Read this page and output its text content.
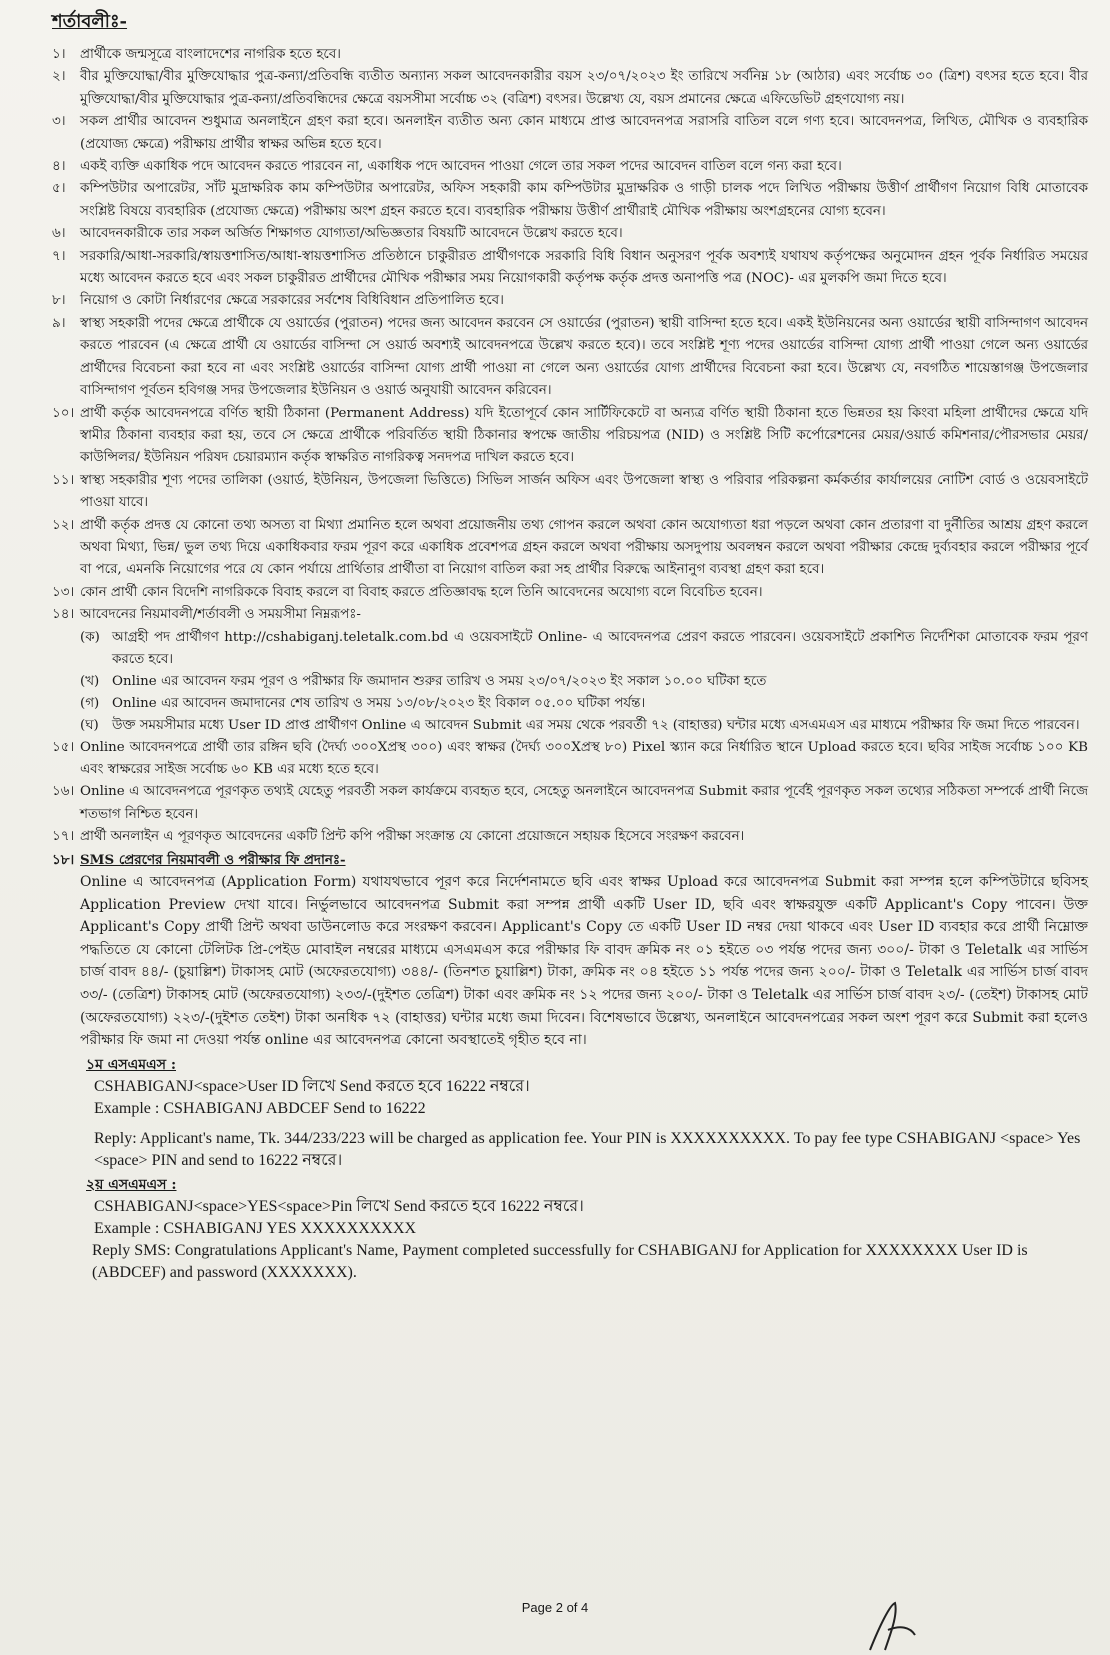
শর্তাবলীঃ-
১।	প্রার্থীকে জন্মসূত্রে বাংলাদেশের নাগরিক হতে হবে।
২।	বীর মুক্তিযোদ্ধা/বীর মুক্তিযোদ্ধার পুত্র-কন্যা/প্রতিবন্ধি ব্যতীত অন্যান্য সকল আবেদনকারীর বয়স ২৩/০৭/২০২৩ ইং তারিখে সর্বনিম্ন ১৮ (আঠার) এবং সর্বোচ্চ ৩০ (ত্রিশ) বৎসর হতে হবে। বীর মুক্তিযোদ্ধা/বীর মুক্তিযোদ্ধার পুত্র-কন্যা/প্রতিবন্ধিদের ক্ষেত্রে বয়সসীমা সর্বোচ্চ ৩২ (বত্রিশ) বৎসর। উল্লেখ্য যে, বয়স প্রমানের ক্ষেত্রে এফিডেভিট গ্রহণযোগ্য নয়।
৩।	সকল প্রার্থীর আবেদন শুধুমাত্র অনলাইনে গ্রহণ করা হবে। অনলাইন ব্যতীত অন্য কোন মাধ্যমে প্রাপ্ত আবেদনপত্র সরাসরি বাতিল বলে গণ্য হবে। আবেদনপত্র, লিখিত, মৌখিক ও ব্যবহারিক (প্রযোজ্য ক্ষেত্রে) পরীক্ষায় প্রার্থীর স্বাক্ষর অভিন্ন হতে হবে।
৪।	একই ব্যক্তি একাধিক পদে আবেদন করতে পারবেন না, একাধিক পদে আবেদন পাওয়া গেলে তার সকল পদের আবেদন বাতিল বলে গন্য করা হবে।
৫।	কম্পিউটার অপারেটর, সাঁট মুদ্রাক্ষরিক কাম কম্পিউটার অপারেটর, অফিস সহকারী কাম কম্পিউটার মুদ্রাক্ষরিক ও গাড়ী চালক পদে লিখিত পরীক্ষায় উত্তীর্ণ প্রার্থীগণ নিয়োগ বিধি মোতাবেক সংশ্লিষ্ট বিষয়ে ব্যবহারিক (প্রযোজ্য ক্ষেত্রে) পরীক্ষায় অংশ গ্রহন করতে হবে। ব্যবহারিক পরীক্ষায় উত্তীর্ণ প্রার্থীরাই মৌখিক পরীক্ষায় অংশগ্রহনের যোগ্য হবেন।
৬।	আবেদনকারীকে তার সকল অর্জিত শিক্ষাগত যোগ্যতা/অভিজ্ঞতার বিষয়টি আবেদনে উল্লেখ করতে হবে।
৭।	সরকারি/আধা-সরকারি/স্বায়ত্তশাসিত/আধা-স্বায়ত্তশাসিত প্রতিষ্ঠানে চাকুরীরত প্রার্থীগণকে সরকারি বিধি বিধান অনুসরণ পূর্বক অবশ্যই যথাযথ কর্তৃপক্ষের অনুমোদন গ্রহন পূর্বক নির্ধারিত সময়ের মধ্যে আবেদন করতে হবে এবং সকল চাকুরীরত প্রার্থীদের মৌখিক পরীক্ষার সময় নিয়োগকারী কর্তৃপক্ষ কর্তৃক প্রদত্ত অনাপত্তি পত্র (NOC)- এর মুলকপি জমা দিতে হবে।
৮।	নিয়োগ ও কোটা নির্ধারণের ক্ষেত্রে সরকারের সর্বশেষ বিধিবিধান প্রতিপালিত হবে।
৯।	স্বাস্থ্য সহকারী পদের ক্ষেত্রে প্রার্থীকে যে ওয়ার্ডের (পুরাতন) পদের জন্য আবেদন করবেন সে ওয়ার্ডের (পুরাতন) স্থায়ী বাসিন্দা হতে হবে। একই ইউনিয়নের অন্য ওয়ার্ডের স্থায়ী বাসিন্দাগণ আবেদন করতে পারবেন (এ ক্ষেত্রে প্রার্থী যে ওয়ার্ডের বাসিন্দা সে ওয়ার্ড অবশ্যই আবেদনপত্রে উল্লেখ করতে হবে)। তবে সংশ্লিষ্ট শূণ্য পদের ওয়ার্ডের বাসিন্দা যোগ্য প্রার্থী পাওয়া গেলে অন্য ওয়ার্ডের প্রার্থীদের বিবেচনা করা হবে না এবং সংশ্লিষ্ট ওয়ার্ডের বাসিন্দা যোগ্য প্রার্থী পাওয়া না গেলে অন্য ওয়ার্ডের যোগ্য প্রার্থীদের বিবেচনা করা হবে। উল্লেখ্য যে, নবগঠিত শায়েস্তাগঞ্জ উপজেলার বাসিন্দাগণ পূর্বতন হবিগঞ্জ সদর উপজেলার ইউনিয়ন ও ওয়ার্ড অনুযায়ী আবেদন করিবেন।
১০। প্রার্থী কর্তৃক আবেদনপত্রে বর্ণিত স্থায়ী ঠিকানা (Permanent Address) যদি ইতোপূর্বে কোন সার্টিফিকেটে বা অন্যত্র বর্ণিত স্থায়ী ঠিকানা হতে ভিন্নতর হয় কিংবা মহিলা প্রার্থীদের ক্ষেত্রে যদি স্বামীর ঠিকানা ব্যবহার করা হয়, তবে সে ক্ষেত্রে প্রার্থীকে পরিবর্তিত স্থায়ী ঠিকানার স্বপক্ষে জাতীয় পরিচয়পত্র (NID) ও সংশ্লিষ্ট সিটি কর্পোরেশনের মেয়র/ওয়ার্ড কমিশনার/পৌরসভার মেয়র/কাউন্সিলর/ ইউনিয়ন পরিষদ চেয়ারম্যান কর্তৃক স্বাক্ষরিত নাগরিকত্ব সনদপত্র দাখিল করতে হবে।
১১। স্বাস্থ্য সহকারীর শূণ্য পদের তালিকা (ওয়ার্ড, ইউনিয়ন, উপজেলা ভিত্তিতে) সিভিল সার্জন অফিস এবং উপজেলা স্বাস্থ্য ও পরিবার পরিকল্পনা কর্মকর্তার কার্যালয়ের নোটিশ বোর্ড ও ওয়েবসাইটে পাওয়া যাবে।
১২। প্রার্থী কর্তৃক প্রদত্ত যে কোনো তথ্য অসত্য বা মিথ্যা প্রমানিত হলে অথবা প্রয়োজনীয় তথ্য গোপন করলে অথবা কোন অযোগ্যতা ধরা পড়লে অথবা কোন প্রতারণা বা দুর্নীতির আশ্রয় গ্রহণ করলে অথবা মিথ্যা, ভিন্ন/ ভুল তথ্য দিয়ে একাধিকবার ফরম পূরণ করে একাধিক প্রবেশপত্র গ্রহন করলে অথবা পরীক্ষায় অসদুপায় অবলম্বন করলে অথবা পরীক্ষার কেন্দ্রে দুর্ব্যবহার করলে পরীক্ষার পূর্বে বা পরে, এমনকি নিয়োগের পরে যে কোন পর্যায়ে প্রার্থিতার প্রার্থীতা বা নিয়োগ বাতিল করা সহ প্রার্থীর বিরুদ্ধে আইনানুগ ব্যবস্থা গ্রহণ করা হবে।
১৩। কোন প্রার্থী কোন বিদেশি নাগরিককে বিবাহ করলে বা বিবাহ করতে প্রতিজ্ঞাবদ্ধ হলে তিনি আবেদনের অযোগ্য বলে বিবেচিত হবেন।
১৪। আবেদনের নিয়মাবলী/শর্তাবলী ও সময়সীমা নিম্নরূপঃ-
(ক) আগ্রহী পদ প্রার্থীগণ http://cshabiganj.teletalk.com.bd এ ওয়েবসাইটে Online- এ আবেদনপত্র প্রেরণ করতে পারবেন। ওয়েবসাইটে প্রকাশিত নির্দেশিকা মোতাবেক ফরম পূরণ করতে হবে।
(খ) Online এর আবেদন ফরম পূরণ ও পরীক্ষার ফি জমাদান শুরুর তারিখ ও সময় ২৩/০৭/২০২৩ ইং সকাল ১০.০০ ঘটিকা হতে
(গ) Online এর আবেদন জমাদানের শেষ তারিখ ও সময় ১৩/০৮/২০২৩ ইং বিকাল ০৫.০০ ঘটিকা পর্যন্ত।
(ঘ) উক্ত সময়সীমার মধ্যে User ID প্রাপ্ত প্রার্থীগণ Online এ আবেদন Submit এর সময় থেকে পরবর্তী ৭২ (বাহাত্তর) ঘন্টার মধ্যে এসএমএস এর মাধ্যমে পরীক্ষার ফি জমা দিতে পারবেন।
১৫। Online আবেদনপত্রে প্রার্থী তার রঙ্গিন ছবি (দৈর্ঘ্য ৩০০Xপ্রস্থ ৩০০) এবং স্বাক্ষর (দৈর্ঘ্য ৩০০Xপ্রস্থ ৮০) Pixel স্ক্যান করে নির্ধারিত স্থানে Upload করতে হবে। ছবির সাইজ সর্বোচ্চ ১০০ KB এবং স্বাক্ষরের সাইজ সর্বোচ্চ ৬০ KB এর মধ্যে হতে হবে।
১৬। Online এ আবেদনপত্রে পূরণকৃত তথ্যই যেহেতু পরবর্তী সকল কার্যক্রমে ব্যবহৃত হবে, সেহেতু অনলাইনে আবেদনপত্র Submit করার পূর্বেই পূরণকৃত সকল তথ্যের সঠিকতা সম্পর্কে প্রার্থী নিজে শতভাগ নিশ্চিত হবেন।
১৭। প্রার্থী অনলাইন এ পূরণকৃত আবেদনের একটি প্রিন্ট কপি পরীক্ষা সংক্রান্ত যে কোনো প্রয়োজনে সহায়ক হিসেবে সংরক্ষণ করবেন।
১৮। SMS প্রেরণের নিয়মাবলী ও পরীক্ষার ফি প্রদানঃ-
Online এ আবেদনপত্র (Application Form) যথাযথভাবে পূরণ করে নির্দেশনামতে ছবি এবং স্বাক্ষর Upload করে আবেদনপত্র Submit করা সম্পন্ন হলে কম্পিউটারে ছবিসহ Application Preview দেখা যাবে। নির্ভুলভাবে আবেদনপত্র Submit করা সম্পন্ন প্রার্থী একটি User ID, ছবি এবং স্বাক্ষরযুক্ত একটি Applicant's Copy পাবেন। উক্ত Applicant's Copy প্রার্থী প্রিন্ট অথবা ডাউনলোড করে সংরক্ষণ করবেন। Applicant's Copy তে একটি User ID নম্বর দেয়া থাকবে এবং User ID ব্যবহার করে প্রার্থী নিম্নোক্ত পদ্ধতিতে যে কোনো টেলিটক প্রি-পেইড মোবাইল নম্বরের মাধ্যমে এসএমএস করে পরীক্ষার ফি বাবদ ক্রমিক নং ০১ হইতে ০৩ পর্যন্ত পদের জন্য ৩০০/- টাকা ও Teletalk এর সার্ভিস চার্জ বাবদ ৪৪/- (চুয়াল্লিশ) টাকাসহ মোট (অফেরতযোগ্য) ৩৪৪/- (তিনশত চুয়াল্লিশ) টাকা, ক্রমিক নং ০৪ হইতে ১১ পর্যন্ত পদের জন্য ২০০/- টাকা ও Teletalk এর সার্ভিস চার্জ বাবদ ৩৩/- (তেত্রিশ) টাকাসহ মোট (অফেরতযোগ্য) ২৩৩/-(দুইশত তেত্রিশ) টাকা এবং ক্রমিক নং ১২ পদের জন্য ২০০/- টাকা ও Teletalk এর সার্ভিস চার্জ বাবদ ২৩/- (তেইশ) টাকাসহ মোট (অফেরতযোগ্য) ২২৩/-(দুইশত তেইশ) টাকা অনধিক ৭২ (বাহাত্তর) ঘন্টার মধ্যে জমা দিবেন। বিশেষভাবে উল্লেখ্য, অনলাইনে আবেদনপত্রের সকল অংশ পূরণ করে Submit করা হলেও পরীক্ষার ফি জমা না দেওয়া পর্যন্ত online এর আবেদনপত্র কোনো অবস্থাতেই গৃহীত হবে না।
১ম এসএমএস :
CSHABIGANJ<space>User ID লিখে Send করতে হবে 16222 নম্বরে।
Example : CSHABIGANJ ABDCEF Send to 16222
Reply: Applicant's name, Tk. 344/233/223 will be charged as application fee. Your PIN is XXXXXXXXXX. To pay fee type CSHABIGANJ <space> Yes <space> PIN and send to 16222 নম্বরে।
২য় এসএমএস :
CSHABIGANJ<space>YES<space>Pin লিখে Send করতে হবে 16222 নম্বরে।
Example : CSHABIGANJ YES XXXXXXXXXX
Reply SMS: Congratulations Applicant's Name, Payment completed successfully for CSHABIGANJ for Application for XXXXXXXX User ID is (ABDCEF) and password (XXXXXXX).
Page 2 of 4
